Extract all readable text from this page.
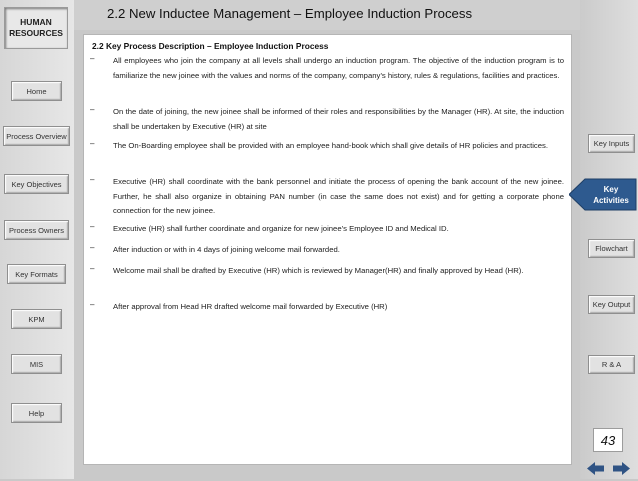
HUMAN
RESOURCES
Home
Process Overview
Key Objectives
Process Owners
Key Formats
KPM
MIS
Help
2.2 New Inductee Management – Employee Induction Process
2.2 Key Process Description – Employee Induction Process
– All employees who join the company at all levels shall undergo an induction program. The objective of the induction program is to familiarize the new joinee with the values and norms of the company, company’s history, rules & regulations, facilities and practices.
– On the date of joining, the new joinee shall be informed of their roles and responsibilities by the Manager (HR). At site, the induction shall be undertaken by Executive (HR) at site
– The On-Boarding employee shall be provided with an employee hand-book which shall give details of HR policies and practices.
– Executive (HR) shall coordinate with the bank personnel and initiate the process of opening the bank account of the new joinee. Further, he shall also organize in obtaining PAN number (in case the same does not exist) and for getting a corporate phone connection for the new joinee.
– Executive (HR) shall further coordinate and organize for new joinee’s Employee ID and Medical ID.
– After induction or with in 4 days of joining welcome mail forwarded.
– Welcome mail shall be drafted by Executive (HR) which is reviewed by Manager(HR) and finally approved by Head (HR).
– After approval from Head HR drafted welcome mail forwarded by Executive (HR)
Key Inputs
Key
Activities
Flowchart
Key Output
R & A
43
